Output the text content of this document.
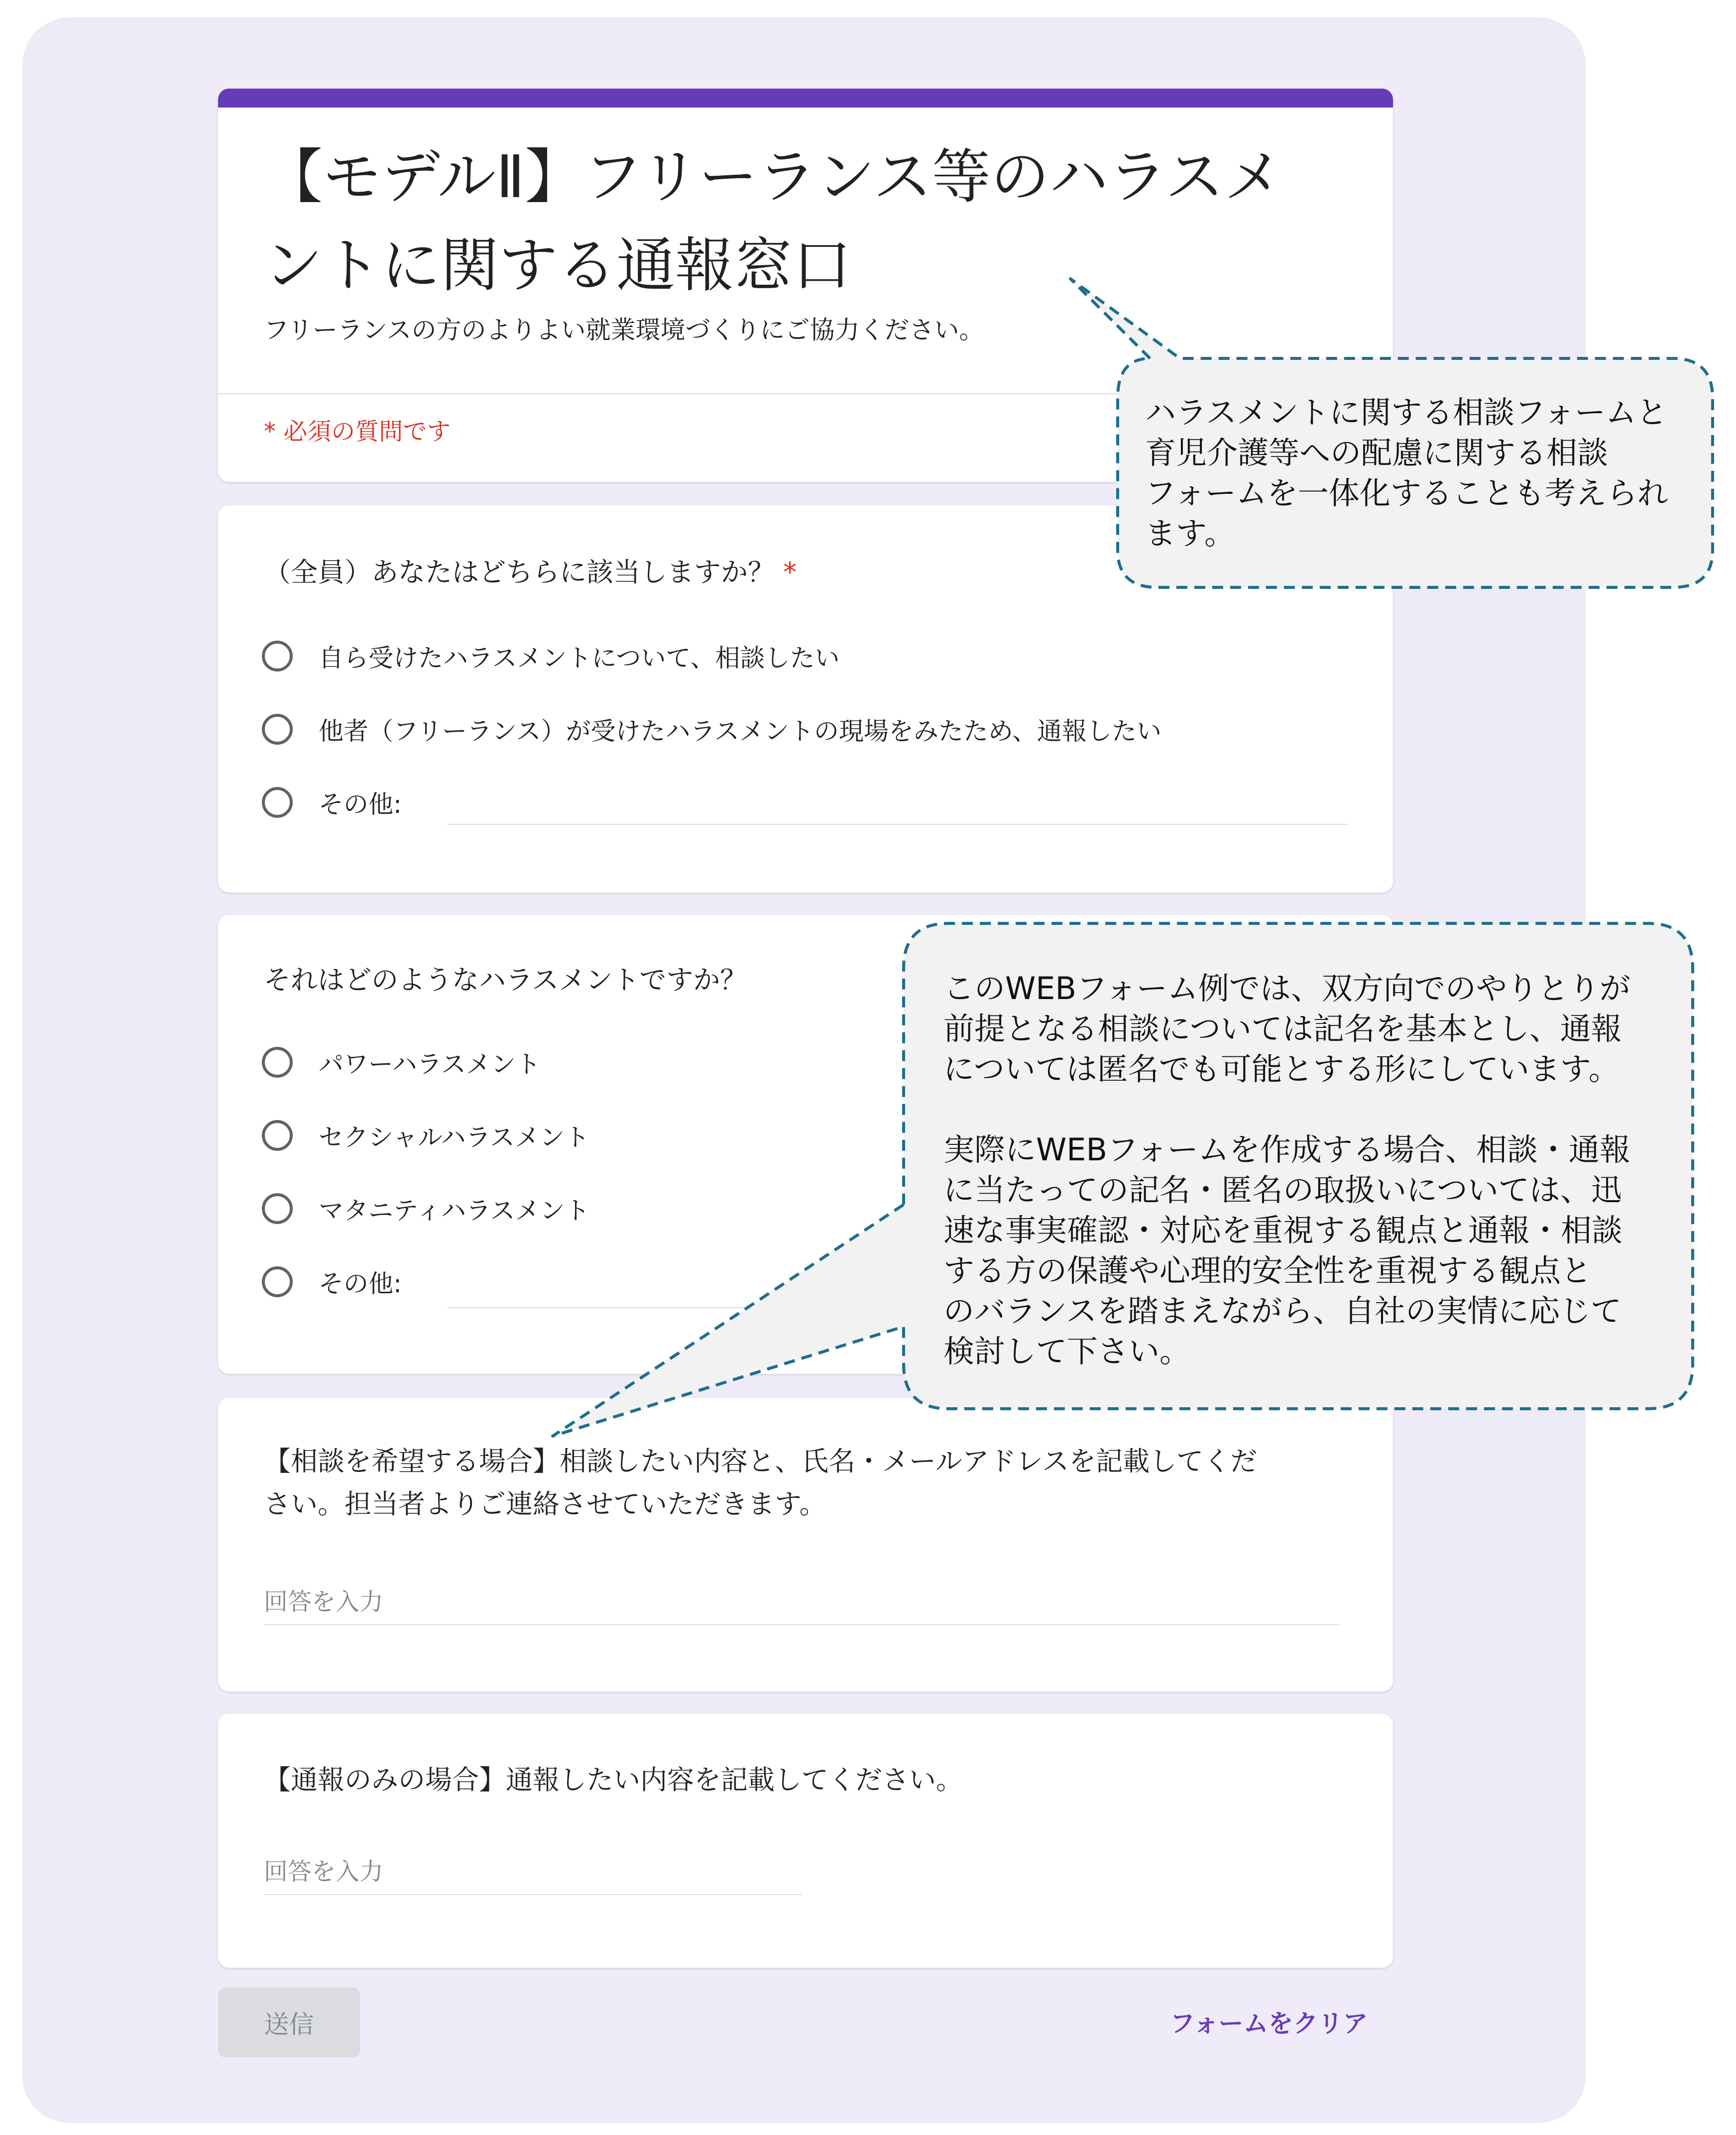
【モデルⅡ】フリーランス等のハラスメントに関する通報窓口
フリーランスの方のよりよい就業環境づくりにご協力ください。
* 必須の質問です
（全員）あなたはどちらに該当しますか？ *
自ら受けたハラスメントについて、相談したい
他者（フリーランス）が受けたハラスメントの現場をみたため、通報したい
その他:
それはどのようなハラスメントですか？
パワーハラスメント
セクシャルハラスメント
マタニティハラスメント
その他:
【相談を希望する場合】相談したい内容と、氏名・メールアドレスを記載してくだ
さい。担当者よりご連絡させていただきます。
回答を入力
【通報のみの場合】通報したい内容を記載してください。
回答を入力
送信	フォームをクリア
ハラスメントに関する相談フォームと
育児介護等への配慮に関する相談
フォームを一体化することも考えられ
ます。
このWEBフォーム例では、双方向でのやりとりが
前提となる相談については記名を基本とし、通報
については匿名でも可能とする形にしています。
実際にWEBフォームを作成する場合、相談・通報
に当たっての記名・匿名の取扱いについては、迅
速な事実確認・対応を重視する観点と通報・相談
する方の保護や心理的安全性を重視する観点と
のバランスを踏まえながら、自社の実情に応じて
検討して下さい。
